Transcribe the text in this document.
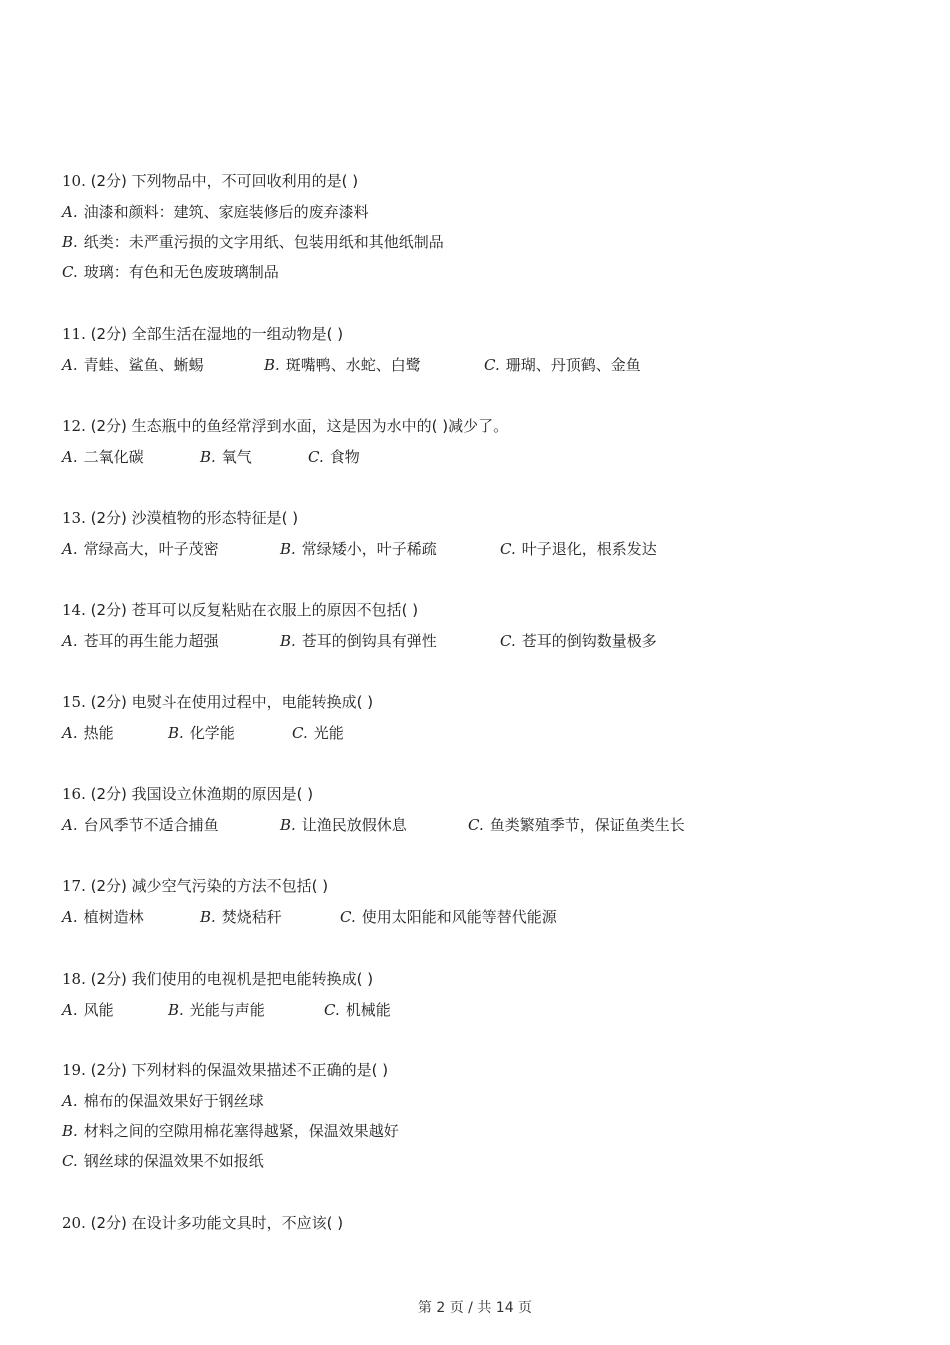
10. (2分) 下列物品中，不可回收利用的是( )
A. 油漆和颜料：建筑、家庭装修后的废弃漆料
B. 纸类：未严重污损的文字用纸、包装用纸和其他纸制品
C. 玻璃：有色和无色废玻璃制品
11. (2分) 全部生活在湿地的一组动物是( )
A. 青蛙、鲨鱼、蜥蜴	B. 斑嘴鸭、水蛇、白鹭	C. 珊瑚、丹顶鹤、金鱼
12. (2分) 生态瓶中的鱼经常浮到水面，这是因为水中的( )减少了。
A. 二氧化碳	B. 氧气	C. 食物
13. (2分) 沙漠植物的形态特征是( )
A. 常绿高大，叶子茂密	B. 常绿矮小，叶子稀疏	C. 叶子退化，根系发达
14. (2分) 苍耳可以反复粘贴在衣服上的原因不包括( )
A. 苍耳的再生能力超强	B. 苍耳的倒钩具有弹性	C. 苍耳的倒钩数量极多
15. (2分) 电熨斗在使用过程中，电能转换成( )
A. 热能	B. 化学能	C. 光能
16. (2分) 我国设立休渔期的原因是( )
A. 台风季节不适合捕鱼	B. 让渔民放假休息	C. 鱼类繁殖季节，保证鱼类生长
17. (2分) 减少空气污染的方法不包括( )
A. 植树造林	B. 焚烧秸秆	C. 使用太阳能和风能等替代能源
18. (2分) 我们使用的电视机是把电能转换成( )
A. 风能	B. 光能与声能	C. 机械能
19. (2分) 下列材料的保温效果描述不正确的是( )
A. 棉布的保温效果好于钢丝球
B. 材料之间的空隙用棉花塞得越紧，保温效果越好
C. 钢丝球的保温效果不如报纸
20. (2分) 在设计多功能文具时，不应该( )
第 2 页 / 共 14 页
